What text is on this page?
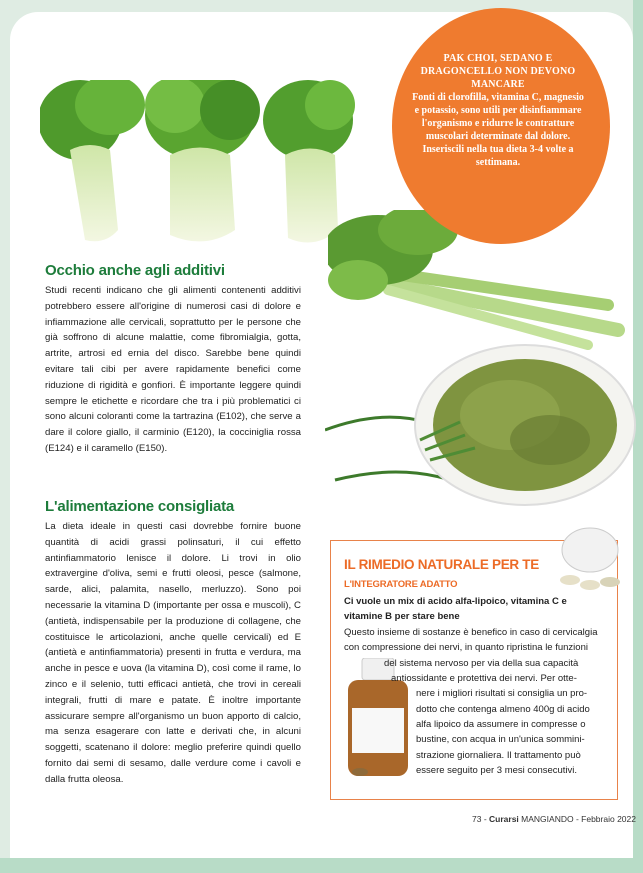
PAK CHOI, SEDANO E DRAGONCELLO NON DEVONO MANCARE
Fonti di clorofilla, vitamina C, magnesio e potassio, sono utili per disinfiammare l'organismo e ridurre le contratture muscolari determinate dal dolore. Inseriscili nella tua dieta 3-4 volte a settimana.
Occhio anche agli additivi

Studi recenti indicano che gli alimenti contenenti additivi potrebbero essere all'origine di numerosi casi di dolore e infiammazione alle cervicali, soprattutto per le persone che già soffrono di alcune malattie, come fibromialgia, gotta, artrite, artrosi ed ernia del disco. Sarebbe bene quindi evitare tali cibi per avere rapidamente benefici come riduzione di rigidità e gonfiori. È importante leggere quindi sempre le etichette e ricordare che tra i più problematici ci sono alcuni coloranti come la tartrazina (E102), che serve a dare il colore giallo, il carminio (E120), la cocciniglia rossa (E124) e il caramello (E150).

L'alimentazione consigliata

La dieta ideale in questi casi dovrebbe fornire buone quantità di acidi grassi polinsaturi, il cui effetto antinfiammatorio lenisce il dolore. Li trovi in olio extravergine d'oliva, semi e frutti oleosi, pesce (salmone, sarde, alici, palamita, nasello, merluzzo). Sono poi necessarie la vitamina D (importante per ossa e muscoli), C (antietà, indispensabile per la produzione di collagene, che costituisce le articolazioni, anche quelle cervicali) ed E (antietà e antinfiammatoria) presenti in frutta e verdura, ma anche in pesce e uova (la vitamina D), così come il rame, lo zinco e il selenio, tutti efficaci antietà, che trovi in cereali integrali, frutti di mare e patate. È inoltre importante assicurare sempre all'organismo un buon apporto di calcio, ma senza esagerare con latte e derivati che, in alcuni soggetti, scatenano il dolore: meglio preferire quindi quello fornito dai semi di sesamo, dalle verdure come i cavoli e dalla frutta oleosa.

IL RIMEDIO NATURALE PER TE
L'INTEGRATORE ADATTO

Ci vuole un mix di acido alfa-lipoico, vitamina C e vitamine B per stare bene

Questo insieme di sostanze è benefico in caso di cervicalgia

con compressione dei nervi, in quanto ripristina le funzioni

del sistema nervoso per via della sua capacità

antiossidante e protettiva dei nervi. Per otte-

nere i migliori risultati si consiglia un pro-

dotto che contenga almeno 400g di acido

alfa lipoico da assumere in compresse o

bustine, con acqua in un'unica sommini-

strazione giornaliera. Il trattamento può

essere seguito per 3 mesi consecutivi.

73 - Curarsi MANGIANDO - Febbraio 2022
